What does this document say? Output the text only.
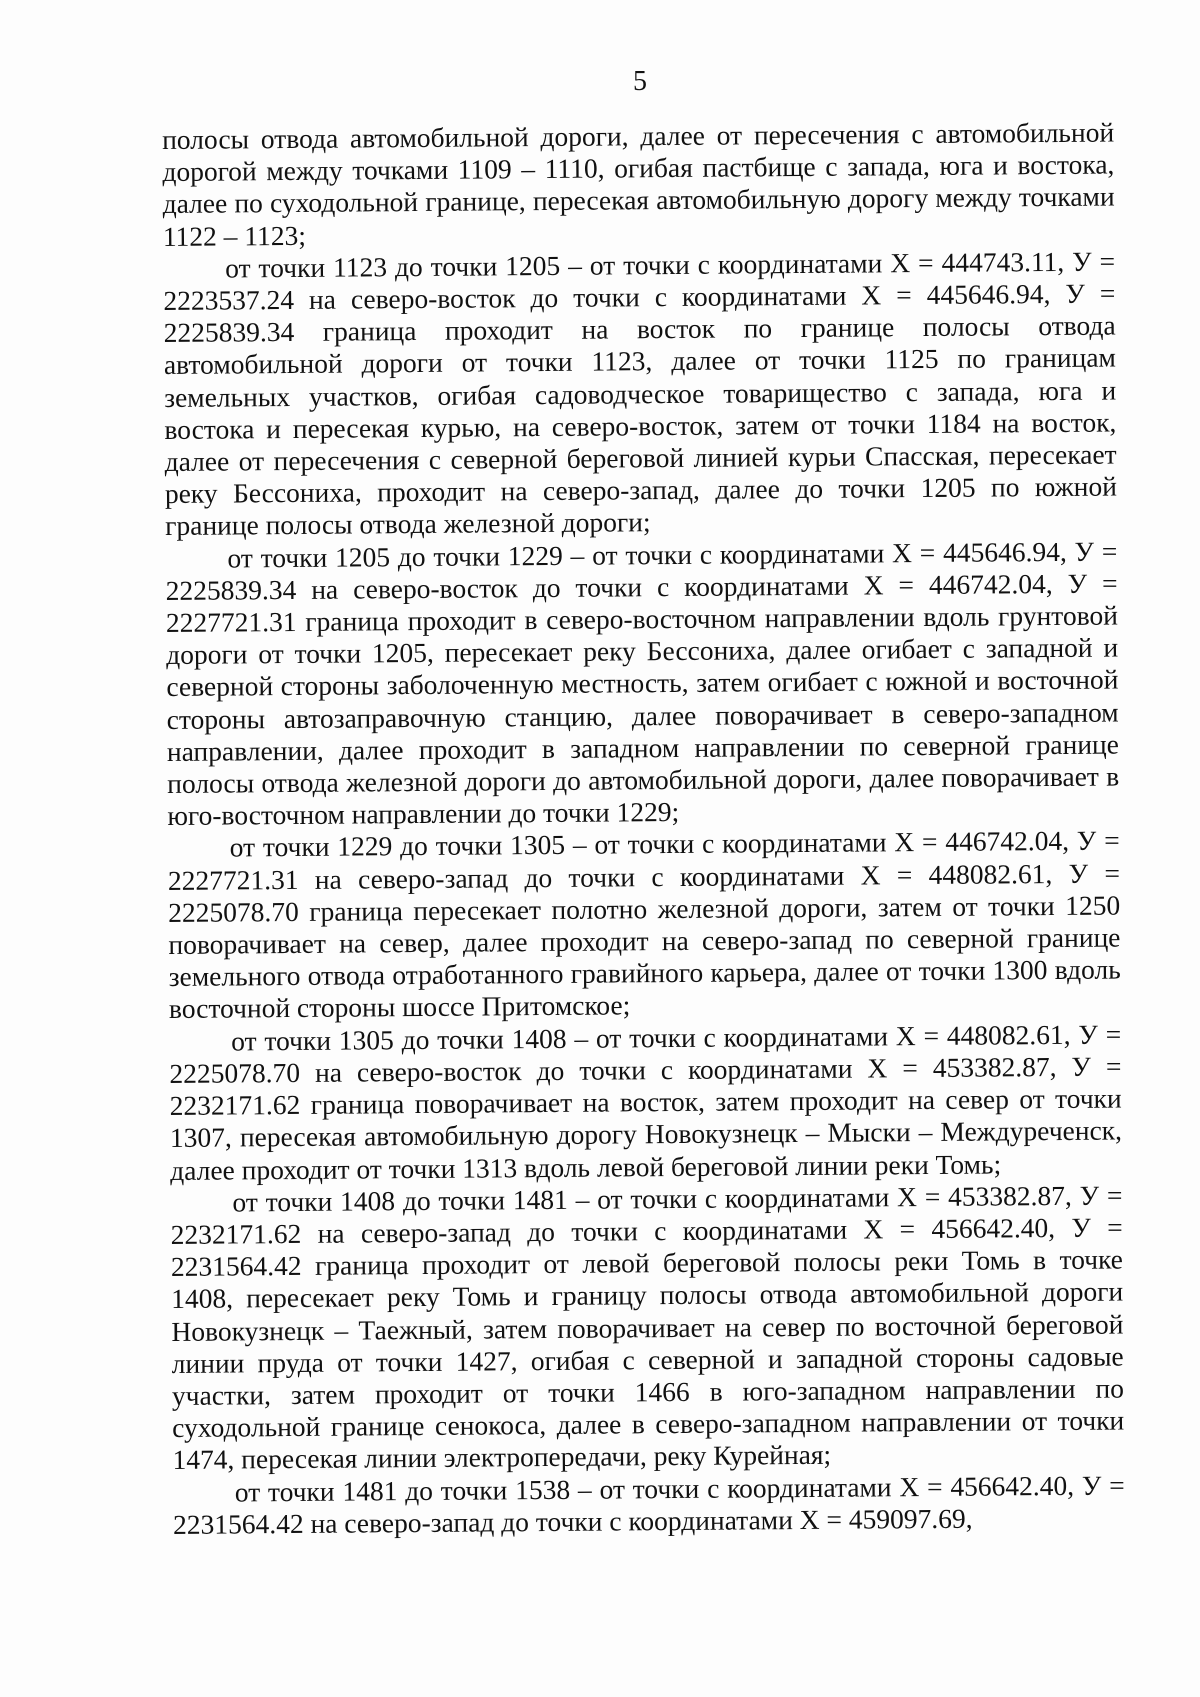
5

полосы отвода автомобильной дороги, далее от пересечения с автомобильной дорогой между точками 1109 – 1110, огибая пастбище с запада, юга и востока, далее по суходольной границе, пересекая автомобильную дорогу между точками 1122 – 1123;

от точки 1123 до точки 1205 – от точки с координатами X = 444743.11, У = 2223537.24 на северо-восток до точки с координатами X = 445646.94, У = 2225839.34 граница проходит на восток по границе полосы отвода автомобильной дороги от точки 1123, далее от точки 1125 по границам земельных участков, огибая садоводческое товарищество с запада, юга и востока и пересекая курью, на северо-восток, затем от точки 1184 на восток, далее от пересечения с северной береговой линией курьи Спасская, пересекает реку Бессониха, проходит на северо-запад, далее до точки 1205 по южной границе полосы отвода железной дороги;

от точки 1205 до точки 1229 – от точки с координатами X = 445646.94, У = 2225839.34 на северо-восток до точки с координатами X = 446742.04, У = 2227721.31 граница проходит в северо-восточном направлении вдоль грунтовой дороги от точки 1205, пересекает реку Бессониха, далее огибает с западной и северной стороны заболоченную местность, затем огибает с южной и восточной стороны автозаправочную станцию, далее поворачивает в северо-западном направлении, далее проходит в западном направлении по северной границе полосы отвода железной дороги до автомобильной дороги, далее поворачивает в юго-восточном направлении до точки 1229;

от точки 1229 до точки 1305 – от точки с координатами X = 446742.04, У = 2227721.31 на северо-запад до точки с координатами X = 448082.61, У = 2225078.70 граница пересекает полотно железной дороги, затем от точки 1250 поворачивает на север, далее проходит на северо-запад по северной границе земельного отвода отработанного гравийного карьера, далее от точки 1300 вдоль восточной стороны шоссе Притомское;

от точки 1305 до точки 1408 – от точки с координатами X = 448082.61, У = 2225078.70 на северо-восток до точки с координатами X = 453382.87, У = 2232171.62 граница поворачивает на восток, затем проходит на север от точки 1307, пересекая автомобильную дорогу Новокузнецк – Мыски – Междуреченск, далее проходит от точки 1313 вдоль левой береговой линии реки Томь;

от точки 1408 до точки 1481 – от точки с координатами X = 453382.87, У = 2232171.62 на северо-запад до точки с координатами X = 456642.40, У = 2231564.42 граница проходит от левой береговой полосы реки Томь в точке 1408, пересекает реку Томь и границу полосы отвода автомобильной дороги Новокузнецк – Таежный, затем поворачивает на север по восточной береговой линии пруда от точки 1427, огибая с северной и западной стороны садовые участки, затем проходит от точки 1466 в юго-западном направлении по суходольной границе сенокоса, далее в северо-западном направлении от точки 1474, пересекая линии электропередачи, реку Курейная;

от точки 1481 до точки 1538 – от точки с координатами X = 456642.40, У = 2231564.42 на северо-запад до точки с координатами X = 459097.69,
